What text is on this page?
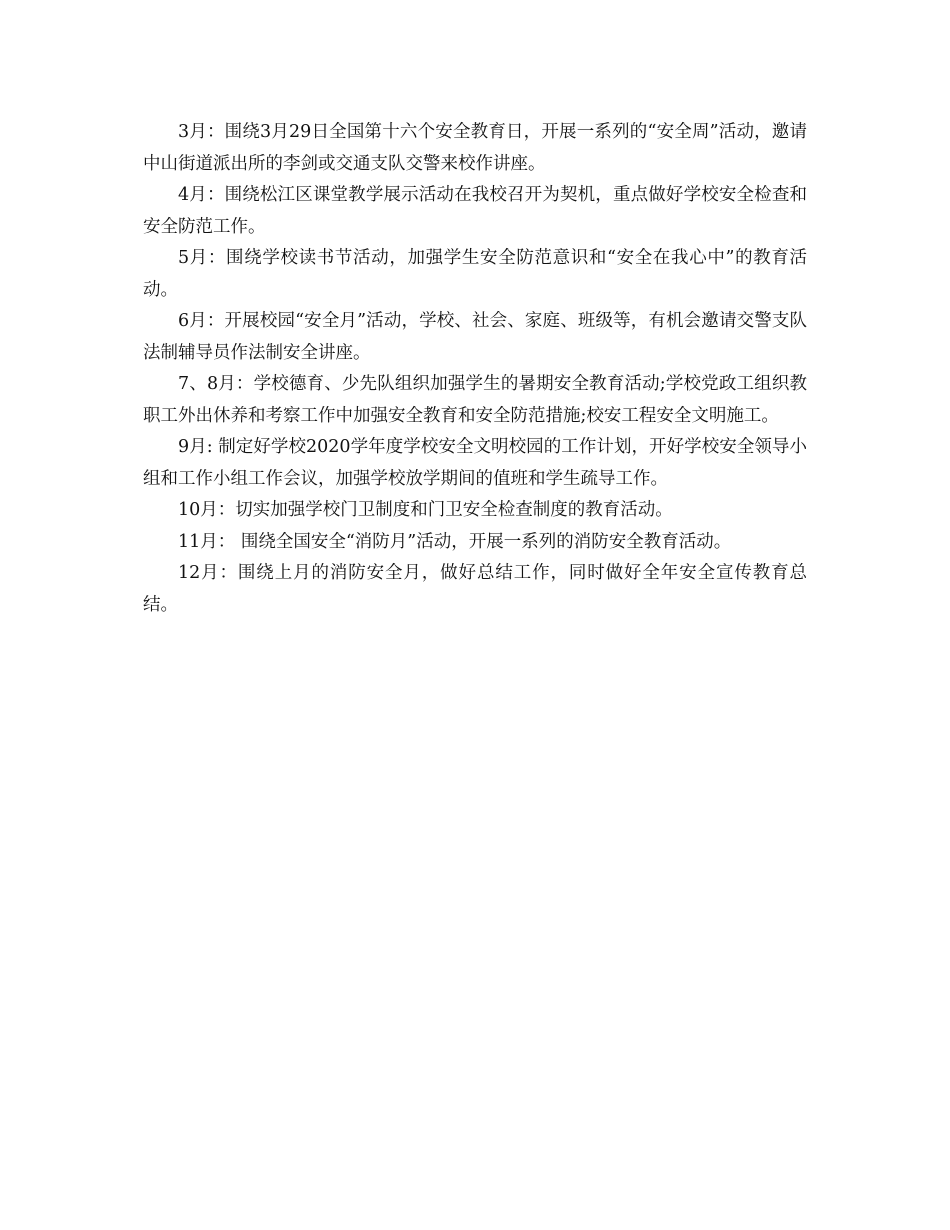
3月：围绕3月29日全国第十六个安全教育日，开展一系列的“安全周”活动，邀请中山街道派出所的李剑或交通支队交警来校作讲座。

4月：围绕松江区课堂教学展示活动在我校召开为契机，重点做好学校安全检查和安全防范工作。

5月：围绕学校读书节活动，加强学生安全防范意识和“安全在我心中”的教育活动。

6月：开展校园“安全月”活动，学校、社会、家庭、班级等，有机会邀请交警支队法制辅导员作法制安全讲座。

7、8月：学校德育、少先队组织加强学生的暑期安全教育活动;学校党政工组织教职工外出休养和考察工作中加强安全教育和安全防范措施;校安工程安全文明施工。

9月: 制定好学校2020学年度学校安全文明校园的工作计划，开好学校安全领导小组和工作小组工作会议，加强学校放学期间的值班和学生疏导工作。

10月：切实加强学校门卫制度和门卫安全检查制度的教育活动。

11月： 围绕全国安全“消防月”活动，开展一系列的消防安全教育活动。

12月：围绕上月的消防安全月，做好总结工作，同时做好全年安全宣传教育总结。
